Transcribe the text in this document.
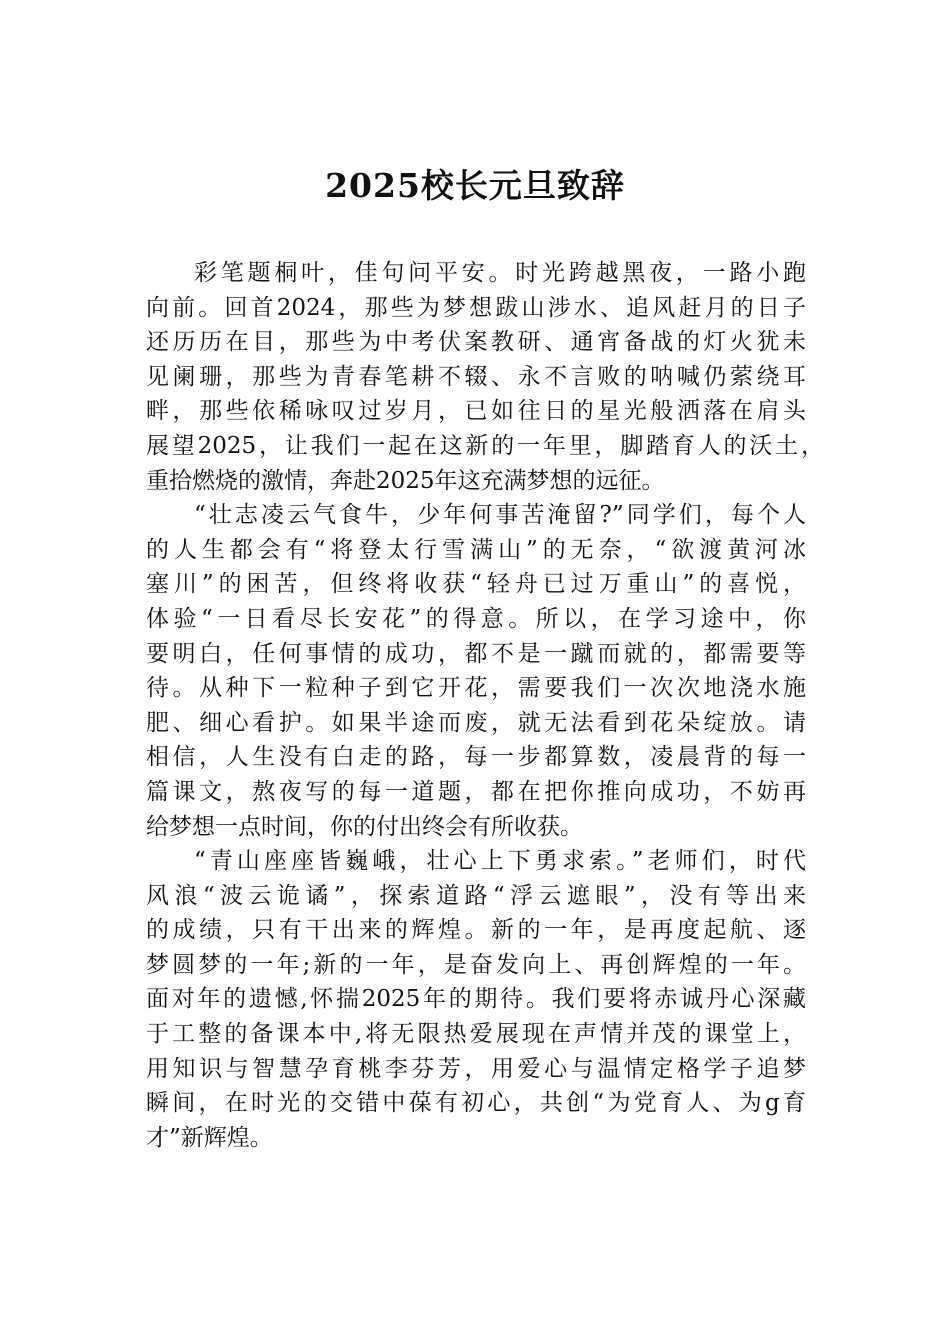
2025校长元旦致辞
彩笔题桐叶，佳句问平安。时光跨越黑夜，一路小跑
向前。回首2024，那些为梦想跋山涉水、追风赶月的日子
还历历在目，那些为中考伏案教研、通宵备战的灯火犹未
见阑珊，那些为青春笔耕不辍、永不言败的呐喊仍萦绕耳
畔，那些依稀咏叹过岁月，已如往日的星光般洒落在肩头
展望2025，让我们一起在这新的一年里，脚踏育人的沃土，
重拾燃烧的激情，奔赴2025年这充满梦想的远征。
“壮志凌云气食牛，少年何事苦淹留?”同学们，每个人
的人生都会有“将登太行雪满山”的无奈，“欲渡黄河冰
塞川”的困苦，但终将收获“轻舟已过万重山”的喜悦，
体验“一日看尽长安花”的得意。所以，在学习途中，你
要明白，任何事情的成功，都不是一蹴而就的，都需要等
待。从种下一粒种子到它开花，需要我们一次次地浇水施
肥、细心看护。如果半途而废，就无法看到花朵绽放。请
相信，人生没有白走的路，每一步都算数，凌晨背的每一
篇课文，熬夜写的每一道题，都在把你推向成功，不妨再
给梦想一点时间，你的付出终会有所收获。
“青山座座皆巍峨，壮心上下勇求索。”老师们，时代
风浪“波云诡谲”，探索道路“浮云遮眼”，没有等出来
的成绩，只有干出来的辉煌。新的一年，是再度起航、逐
梦圆梦的一年;新的一年，是奋发向上、再创辉煌的一年。
面对年的遗憾,怀揣2025年的期待。我们要将赤诚丹心深藏
于工整的备课本中,将无限热爱展现在声情并茂的课堂上，
用知识与智慧孕育桃李芬芳，用爱心与温情定格学子追梦
瞬间，在时光的交错中葆有初心，共创“为党育人、为g育
才”新辉煌。
